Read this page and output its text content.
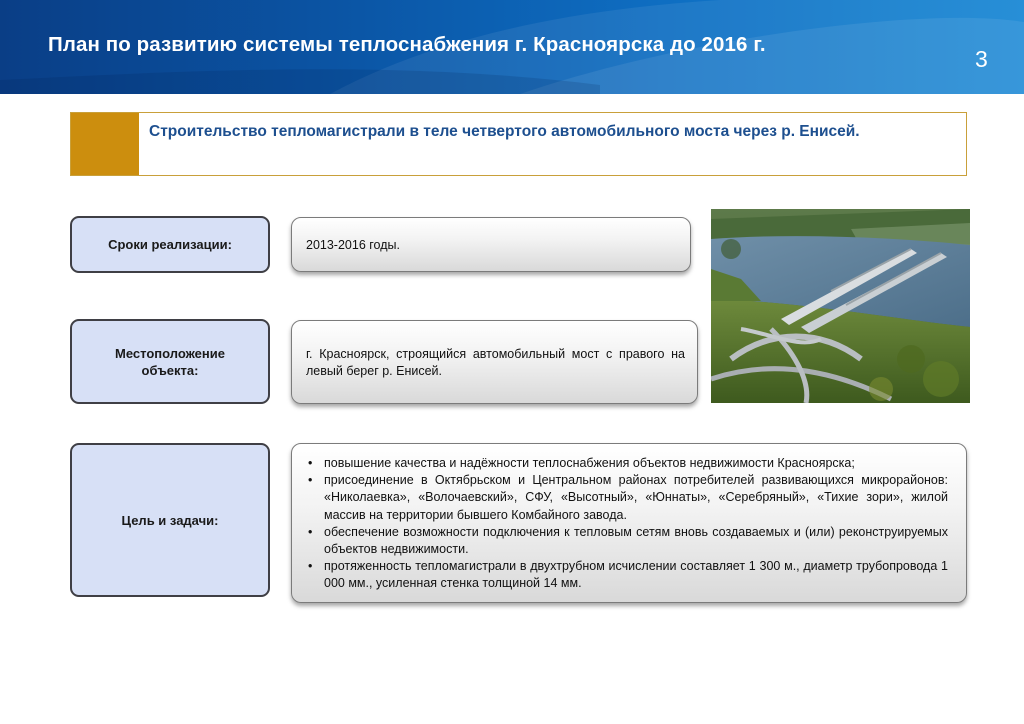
План по развитию системы теплоснабжения г. Красноярска до 2016 г.
3
Строительство тепломагистрали в теле четвертого автомобильного моста через р. Енисей.
Сроки реализации:	2013-2016 годы.
Местоположение объекта:
г. Красноярск, строящийся автомобильный мост с правого на левый берег р. Енисей.
Цель и задачи:
• повышение качества и надёжности теплоснабжения объектов недвижимости Красноярска;
• присоединение в Октябрьском и Центральном районах потребителей развивающихся микрорайонов: «Николаевка», «Волочаевский», СФУ, «Высотный», «Юннаты», «Серебряный», «Тихие зори», жилой массив на территории бывшего Комбайного завода.
• обеспечение возможности подключения к тепловым сетям вновь создаваемых и (или) реконструируемых объектов недвижимости.
• протяженность тепломагистрали в двухтрубном исчислении составляет 1 300 м., диаметр трубопровода 1 000 мм., усиленная стенка толщиной 14 мм.
